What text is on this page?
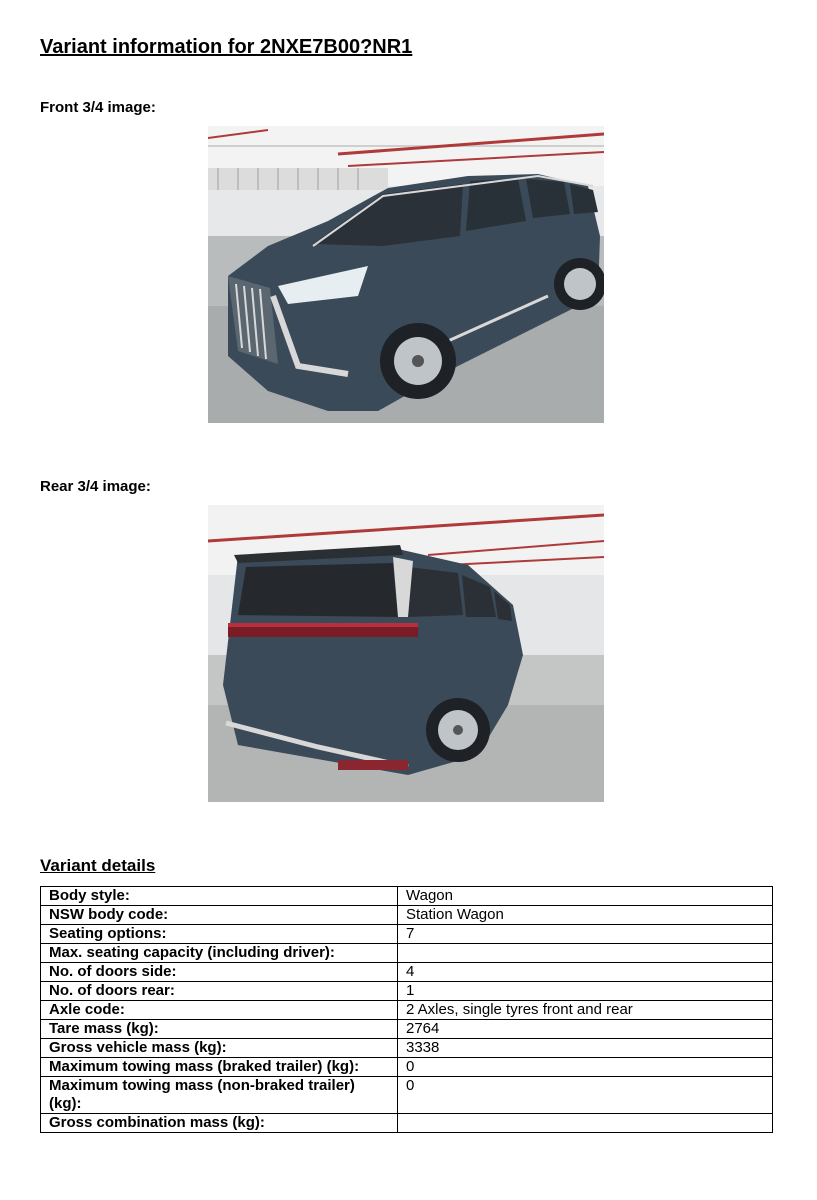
Variant information for 2NXE7B00?NR1
Front 3/4 image:
Rear 3/4 image:
Variant details
Body style:	Wagon
NSW body code:	Station Wagon
Seating options:	7
Max. seating capacity (including driver):	
No. of doors side:	4
No. of doors rear:	1
Axle code:	2 Axles, single tyres front and rear
Tare mass (kg):	2764
Gross vehicle mass (kg):	3338
Maximum towing mass (braked trailer) (kg):	0
Maximum towing mass (non-braked trailer) (kg):	0
Gross combination mass (kg):	
